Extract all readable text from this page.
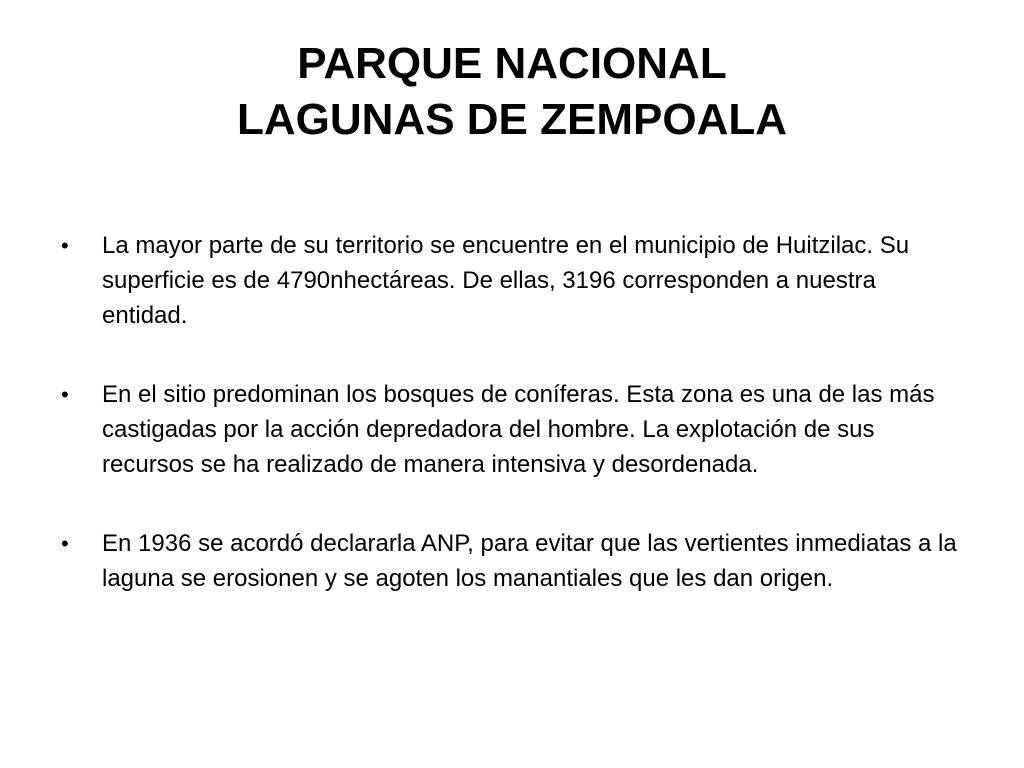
PARQUE NACIONAL
LAGUNAS DE ZEMPOALA
• La mayor parte de su territorio se encuentre en el municipio de Huitzilac. Su superficie es de 4790nhectáreas. De ellas, 3196 corresponden a nuestra entidad.
• En el sitio predominan los bosques de coníferas. Esta zona es una de las más castigadas por la acción depredadora del hombre. La explotación de sus recursos se ha realizado de manera intensiva y desordenada.
• En 1936 se acordó declararla ANP, para evitar que las vertientes inmediatas a la laguna se erosionen y se agoten los manantiales que les dan origen.
